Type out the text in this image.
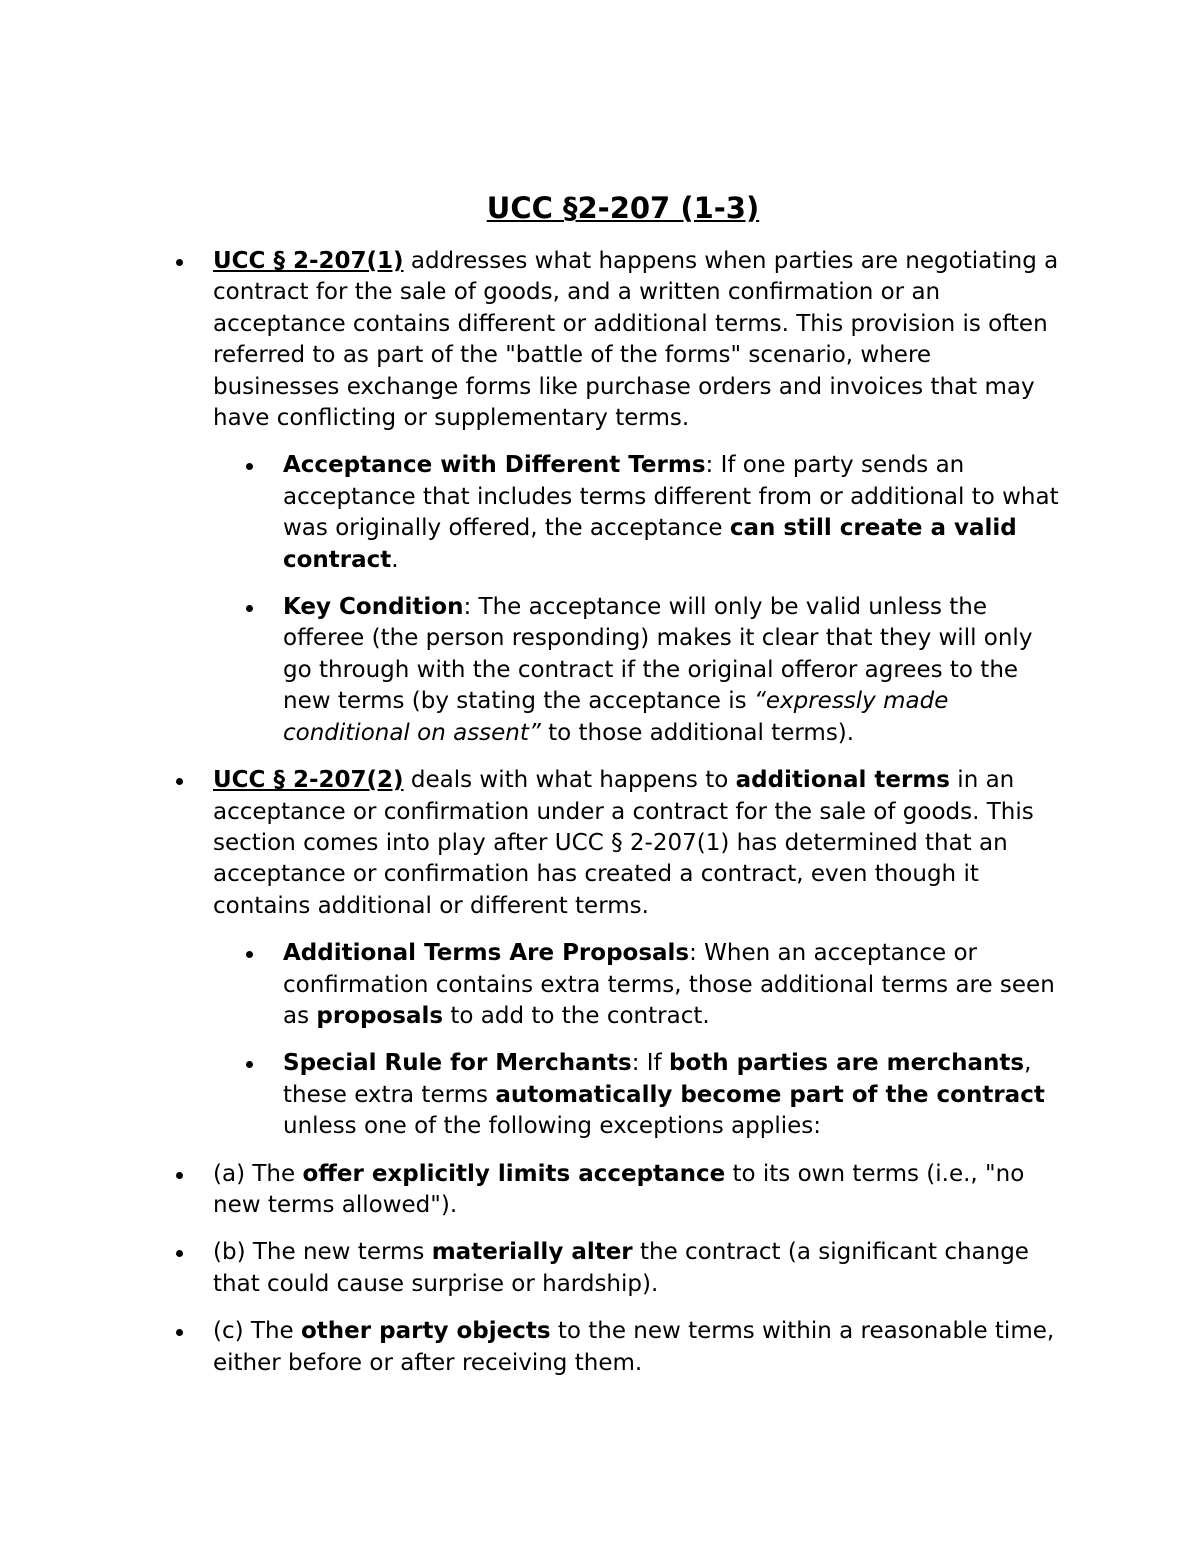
UCC §2-207 (1-3)
UCC § 2-207(1) addresses what happens when parties are negotiating a contract for the sale of goods, and a written confirmation or an acceptance contains different or additional terms. This provision is often referred to as part of the "battle of the forms" scenario, where businesses exchange forms like purchase orders and invoices that may have conflicting or supplementary terms.
Acceptance with Different Terms: If one party sends an acceptance that includes terms different from or additional to what was originally offered, the acceptance can still create a valid contract.
Key Condition: The acceptance will only be valid unless the offeree (the person responding) makes it clear that they will only go through with the contract if the original offeror agrees to the new terms (by stating the acceptance is “expressly made conditional on assent” to those additional terms).
UCC § 2-207(2) deals with what happens to additional terms in an acceptance or confirmation under a contract for the sale of goods. This section comes into play after UCC § 2-207(1) has determined that an acceptance or confirmation has created a contract, even though it contains additional or different terms.
Additional Terms Are Proposals: When an acceptance or confirmation contains extra terms, those additional terms are seen as proposals to add to the contract.
Special Rule for Merchants: If both parties are merchants, these extra terms automatically become part of the contract unless one of the following exceptions applies:
(a) The offer explicitly limits acceptance to its own terms (i.e., "no new terms allowed").
(b) The new terms materially alter the contract (a significant change that could cause surprise or hardship).
(c) The other party objects to the new terms within a reasonable time, either before or after receiving them.
